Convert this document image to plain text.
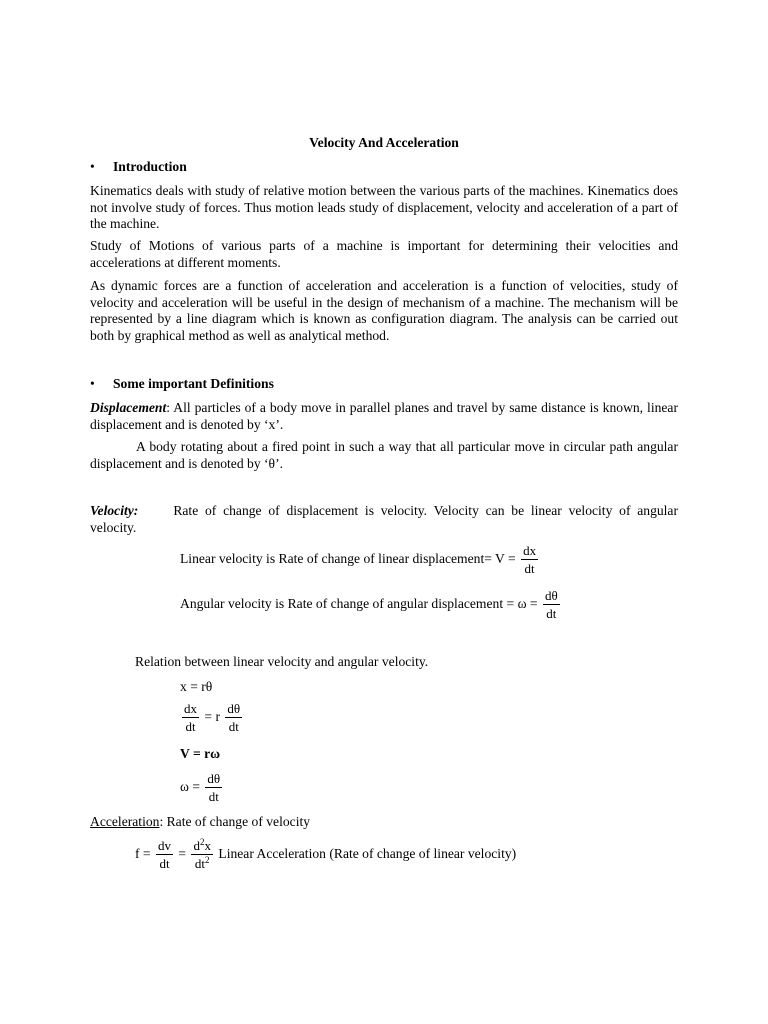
Velocity And Acceleration
• Introduction
Kinematics deals with study of relative motion between the various parts of the machines. Kinematics does not involve study of forces. Thus motion leads study of displacement, velocity and acceleration of a part of the machine.
Study of Motions of various parts of a machine is important for determining their velocities and accelerations at different moments.
As dynamic forces are a function of acceleration and acceleration is a function of velocities, study of velocity and acceleration will be useful in the design of mechanism of a machine. The mechanism will be represented by a line diagram which is known as configuration diagram. The analysis can be carried out both by graphical method as well as analytical method.
• Some important Definitions
Displacement: All particles of a body move in parallel planes and travel by same distance is known, linear displacement and is denoted by ‘x’.
A body rotating about a fired point in such a way that all particular move in circular path angular displacement and is denoted by ‘θ’.
Velocity:	Rate of change of displacement is velocity. Velocity can be linear velocity of angular velocity.
Linear velocity is Rate of change of linear displacement= $V = \frac{dx}{dt}$
Angular velocity is Rate of change of angular displacement = $\omega = \frac{d\theta}{dt}$
Relation between linear velocity and angular velocity.
x = rθ
$\frac{dx}{dt} = r \frac{d\theta}{dt}$
V = rω
$\omega = \frac{d\theta}{dt}$
Acceleration: Rate of change of velocity
$f = \frac{dv}{dt} = \frac{d^2x}{dt^2}$ Linear Acceleration (Rate of change of linear velocity)
